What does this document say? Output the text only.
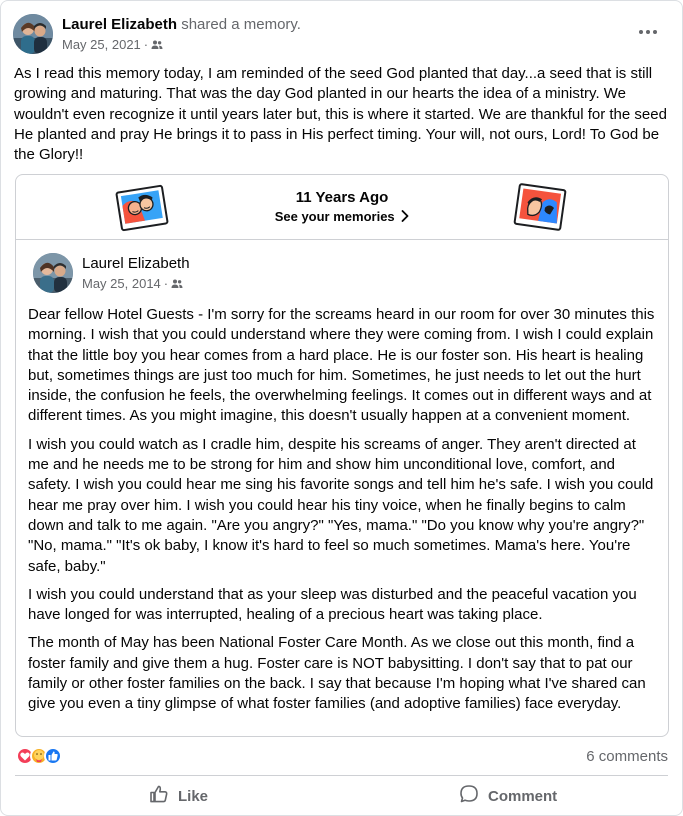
Laurel Elizabeth shared a memory.
May 25, 2021 ·
As I read this memory today, I am reminded of the seed God planted that day...a seed that is still growing and maturing. That was the day God planted in our hearts the idea of a ministry. We wouldn't even recognize it until years later but, this is where it started. We are thankful for the seed He planted and pray He brings it to pass in His perfect timing. Your will, not ours, Lord! To God be the Glory!!
11 Years Ago
See your memories
Laurel Elizabeth
May 25, 2014 ·

Dear fellow Hotel Guests - I'm sorry for the screams heard in our room for over 30 minutes this morning. I wish that you could understand where they were coming from. I wish I could explain that the little boy you hear comes from a hard place. He is our foster son. His heart is healing but, sometimes things are just too much for him. Sometimes, he just needs to let out the hurt inside, the confusion he feels, the overwhelming feelings. It comes out in different ways and at different times. As you might imagine, this doesn't usually happen at a convenient moment.

I wish you could watch as I cradle him, despite his screams of anger. They aren't directed at me and he needs me to be strong for him and show him unconditional love, comfort, and safety. I wish you could hear me sing his favorite songs and tell him he's safe. I wish you could hear me pray over him. I wish you could hear his tiny voice, when he finally begins to calm down and talk to me again. "Are you angry?" "Yes, mama." "Do you know why you're angry?" "No, mama." "It's ok baby, I know it's hard to feel so much sometimes. Mama's here. You're safe, baby."

I wish you could understand that as your sleep was disturbed and the peaceful vacation you have longed for was interrupted, healing of a precious heart was taking place.

The month of May has been National Foster Care Month. As we close out this month, find a foster family and give them a hug. Foster care is NOT babysitting. I don't say that to pat our family or other foster families on the back. I say that because I'm hoping what I've shared can give you even a tiny glimpse of what foster families (and adoptive families) face everyday.

6 comments
Like	Comment
